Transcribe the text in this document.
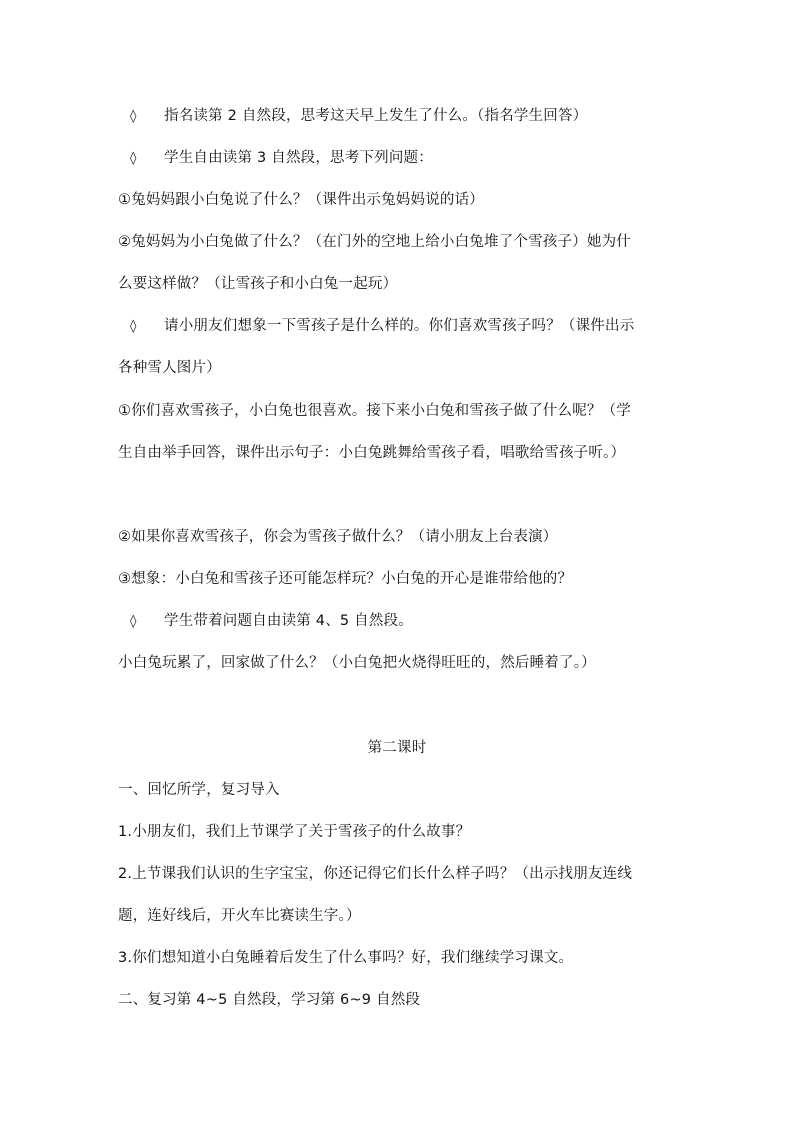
◊ 指名读第 2 自然段，思考这天早上发生了什么。（指名学生回答）
◊ 学生自由读第 3 自然段，思考下列问题：
①兔妈妈跟小白兔说了什么？（课件出示兔妈妈说的话）
②兔妈妈为小白兔做了什么？（在门外的空地上给小白兔堆了个雪孩子）她为什
么要这样做？（让雪孩子和小白兔一起玩）
◊ 请小朋友们想象一下雪孩子是什么样的。你们喜欢雪孩子吗？（课件出示
各种雪人图片）
①你们喜欢雪孩子，小白兔也很喜欢。接下来小白兔和雪孩子做了什么呢？（学
生自由举手回答，课件出示句子：小白兔跳舞给雪孩子看，唱歌给雪孩子听。）
②如果你喜欢雪孩子，你会为雪孩子做什么？（请小朋友上台表演）
③想象：小白兔和雪孩子还可能怎样玩？小白兔的开心是谁带给他的？
◊ 学生带着问题自由读第 4、5 自然段。
小白兔玩累了，回家做了什么？（小白兔把火烧得旺旺的，然后睡着了。）
第二课时
一、回忆所学，复习导入
1.小朋友们，我们上节课学了关于雪孩子的什么故事？
2.上节课我们认识的生字宝宝，你还记得它们长什么样子吗？（出示找朋友连线
题，连好线后，开火车比赛读生字。）
3.你们想知道小白兔睡着后发生了什么事吗？好，我们继续学习课文。
二、复习第 4~5 自然段，学习第 6~9 自然段
